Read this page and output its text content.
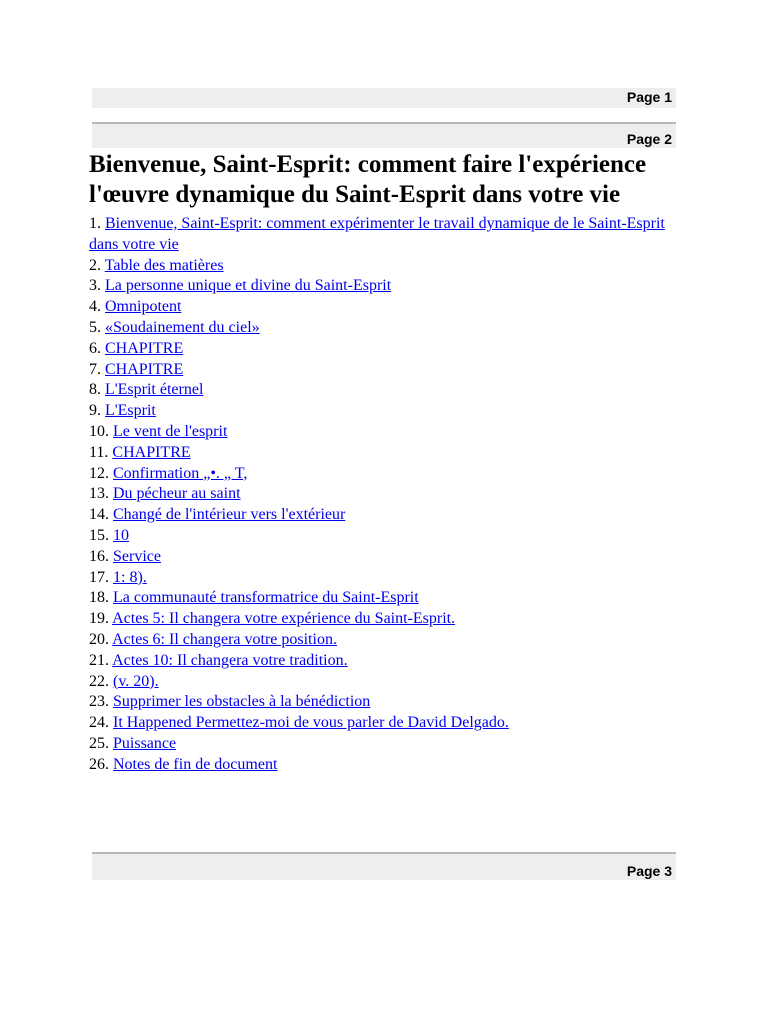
Page 1
Page 2
Bienvenue, Saint-Esprit: comment faire l'expérience
l'œuvre dynamique du Saint-Esprit dans votre vie
1. Bienvenue, Saint-Esprit: comment expérimenter le travail dynamique de le Saint-Esprit dans votre vie
2. Table des matières
3. La personne unique et divine du Saint-Esprit
4. Omnipotent
5. «Soudainement du ciel»
6. CHAPITRE
7. CHAPITRE
8. L'Esprit éternel
9. L'Esprit
10. Le vent de l'esprit
11. CHAPITRE
12. Confirmation „•. „ T,
13. Du pécheur au saint
14. Changé de l'intérieur vers l'extérieur
15. 10
16. Service
17. 1: 8).
18. La communauté transformatrice du Saint-Esprit
19. Actes 5: Il changera votre expérience du Saint-Esprit.
20. Actes 6: Il changera votre position.
21. Actes 10: Il changera votre tradition.
22. (v. 20).
23. Supprimer les obstacles à la bénédiction
24. It Happened Permettez-moi de vous parler de David Delgado.
25. Puissance
26. Notes de fin de document
Page 3
